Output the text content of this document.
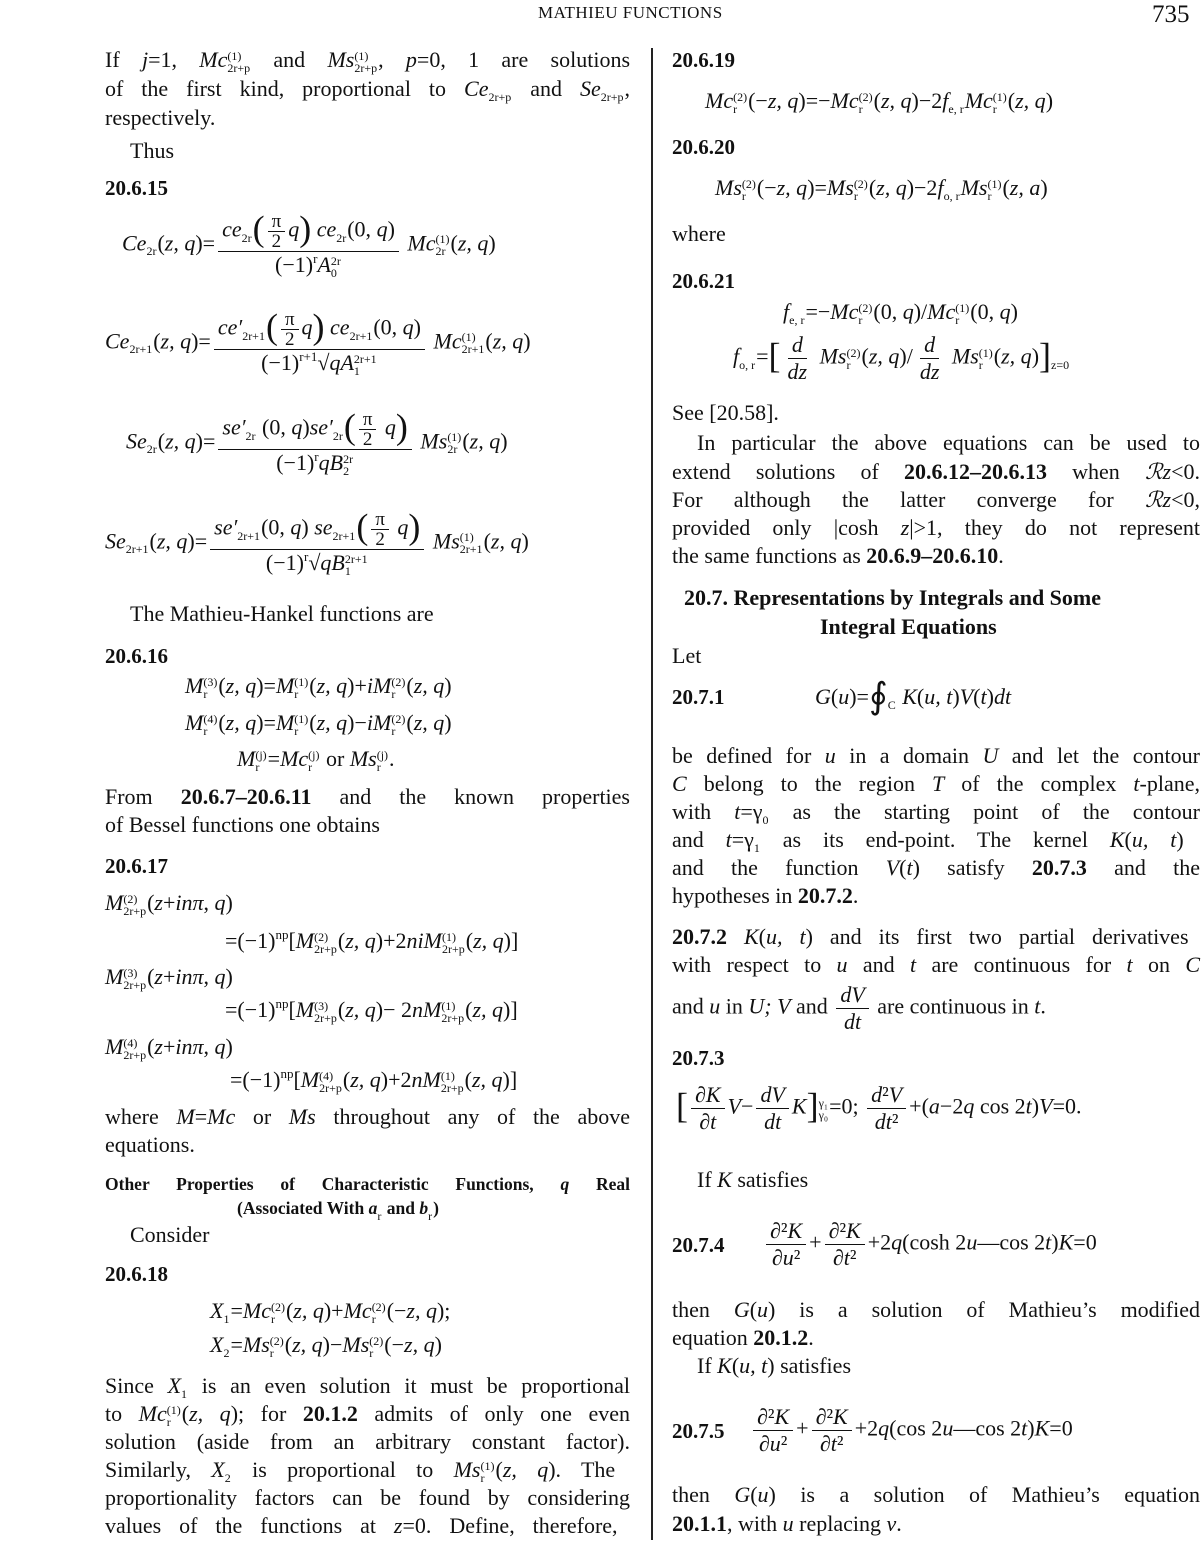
MATHIEU FUNCTIONS	735
If j=1, Mc (1)
2r+p and Ms (1)
2r+p , p=0, 1 are solutions
of the first kind, proportional to Ce 2r+p and Se 2r+p ,
respectively.
Thus
20.6.15
Ce 2r (z, q)= ce 2r ( $\frac{\pi}{2} q$) ce 2r (0, q)
$(-1)^rA$ 2r
0 Mc (1)
2r (z, q)
Ce 2r+1 (z, q)= ce′ 2r+1 ( $\frac{\pi}{2} q$) ce 2r+1 (0, q)
$(-1)^{r+1}√qA$ 2r+1
1 Mc (1)
2r+1 (z, q)
Se 2r (z, q)=
se′ 2r (0, q)se′ 2r ( $\frac{\pi}{2} q$)
$(-1)^rqB$ 2r
2
Ms (1)
2r (z, q)
Se 2r+1 (z, q)= se′ 2r+1 (0, q) se 2r+1 ( $\frac{\pi}{2} q$)
$(-1)^r√qB$ 2r+1
1 Ms (1)
2r+1 (z, q)
The Mathieu-Hankel functions are
20.6.16
M (3)
r (z, q)=M (1)
r (z, q)+iM (2)
r (z, q)
M (4)
r (z, q)=M (1)
r (z, q)−iM (2)
r (z, q)
M (j)
r =Mc (j)
r or Ms (j)
r .
From 20.6.7–20.6.11 and the known properties
of Bessel functions one obtains
20.6.17
M (2)
2r+p (z+inπ, q)
$=(-1)^{np}[M$ (2)
2r+p (z, q)+2niM (1)
2r+p (z, q)]
M (3)
2r+p (z+inπ, q)
$=(-1)^{np}[M$ (3)
2r+p (z, q)− 2nM (1)
2r+p (z, q)]
M (4)
2r+p (z+inπ, q)
$=(-1)^{np}[M$ (4)
2r+p (z, q)+2nM (1)
2r+p (z, q)]
where M=Mc or Ms throughout any of the above
equations.
Other Properties of Characteristic Functions, q Real
(Associated With a r and b r )
Consider
20.6.18
X 1 =Mc (2)
r (z, q)+Mc (2)
r (−z, q);
X 2 =Ms (2)
r (z, q)−Ms (2)
r (−z, q)
Since X 1 is an even solution it must be proportional
to Mc (1)
r (z, q); for 20.1.2 admits of only one even
solution (aside from an arbitrary constant factor).
Similarly, X 2 is proportional to Ms (1)
r (z, q). The
proportionality factors can be found by considering
values of the functions at z=0. Define, therefore,
20.6.19
Mc (2)
r (−z, q)=−Mc (2)
r (z, q)−2f e, r Mc (1)
r (z, q)
20.6.20
Ms (2)
r (−z, q)=Ms (2)
r (z, q)−2f o, r Ms (1)
r (z, a)
where
20.6.21
f e, r =−Mc (2)
r (0, q)/Mc (1)
r (0, q)
f o, r =[ $\frac{d}{dz}$ Ms (2)
r (z, $q)/ \frac{d}{dz}$ Ms (1)
r (z, q)] z=0
See [20.58].
In particular the above equations can be used to
extend solutions of 20.6.12–20.6.13 when ℛz<0.
For although the latter converge for ℛz<0,
provided only |cosh z|>1, they do not represent
the same functions as 20.6.9–20.6.10.
20.7. Representations by Integrals and Some
Integral Equations
Let
20.7.1	G(u)=∮ C K(u, t)V(t)dt
be defined for u in a domain U and let the contour
C belong to the region T of the complex t-plane,
with t=γ 0 as the starting point of the contour
and t=γ 1 as its end-point. The kernel K(u, t)
and the function V(t) satisfy 20.7.3 and the
hypotheses in 20.7.2.
20.7.2 K(u, t) and its first two partial derivatives
with respect to u and t are continuous for t on C
and u in U; V and $\frac{dV}{dt}$ are continuous in t.
20.7.3
[ $\frac{\partial K}{\partial t} V- \frac{dV}{dt} K$] γ₁
γ₀ =0; $\frac{\text{d²V}}{\text{dt²}} +(a-2q$ cos 2t)V=0.
If K satisfies
$20.7.4 \frac{\text{∂²K}}{\text{∂u²}} + \frac{\text{∂²K}}{\text{∂t²}} +2q(\cosh$ 2u—cos 2t)K=0
then G(u) is a solution of Mathieu’s modified
equation 20.1.2.
If K(u, t) satisfies
$20.7.5 \frac{\text{∂²K}}{\text{∂u²}} + \frac{\text{∂²K}}{\text{∂t²}} +2q(\cos$ 2u—cos 2t)K=0
then G(u) is a solution of Mathieu’s equation
20.1.1, with u replacing v.
